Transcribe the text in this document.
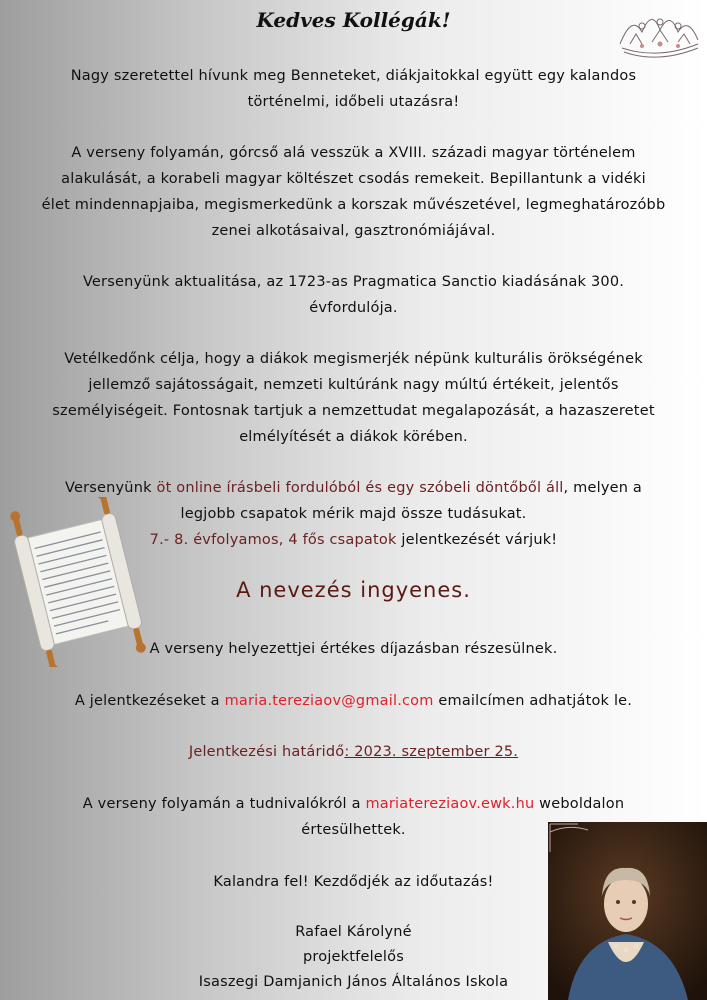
Kedves Kollégák!
Nagy szeretettel hívunk meg Benneteket, diákjaitokkal együtt egy kalandos
történelmi, időbeli utazásra!
A verseny folyamán, górcső alá vesszük a XVIII. századi magyar történelem
alakulását, a korabeli magyar költészet csodás remekeit. Bepillantunk a vidéki
élet mindennapjaiba, megismerkedünk a korszak művészetével, legmeghatározóbb
zenei alkotásaival, gasztronómiájával.
Versenyünk aktualitása, az 1723-as Pragmatica Sanctio kiadásának 300.
évfordulója.
Vetélkedőnk célja, hogy a diákok megismerjék népünk kulturális örökségének
jellemző sajátosságait, nemzeti kultúránk nagy múltú értékeit, jelentős
személyiségeit. Fontosnak tartjuk a nemzettudat megalapozását, a hazaszeretet
elmélyítését a diákok körében.
Versenyünk öt online írásbeli fordulóból és egy szóbeli döntőből áll, melyen a
legjobb csapatok mérik majd össze tudásukat.
7.- 8. évfolyamos, 4 fős csapatok jelentkezését várjuk!
A nevezés ingyenes.
A verseny helyezettjei értékes díjazásban részesülnek.
A jelentkezéseket a maria.tereziaov@gmail.com emailcímen adhatjátok le.
Jelentkezési határidő: 2023. szeptember 25.
A verseny folyamán a tudnivalókról a mariatereziaov.ewk.hu weboldalon
értesülhettek.
Kalandra fel! Kezdődjék az időutazás!
Rafael Károlyné
projektfelelős
Isaszegi Damjanich János Általános Iskola
